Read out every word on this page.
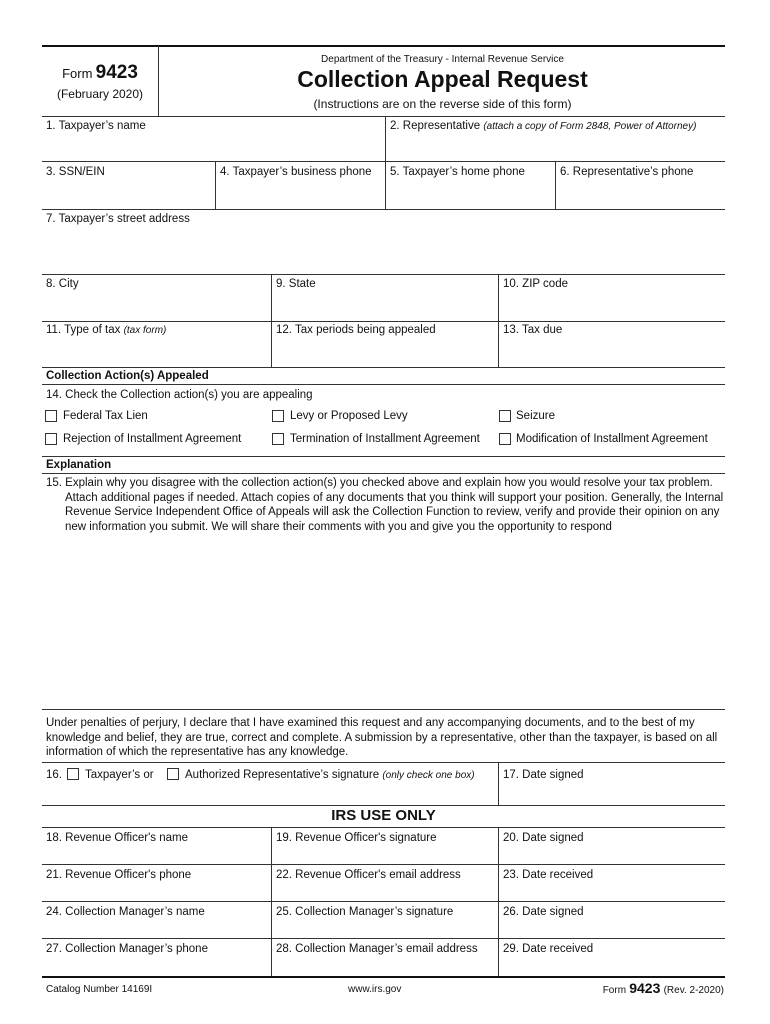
Form 9423
(February 2020)
Department of the Treasury - Internal Revenue Service
Collection Appeal Request
(Instructions are on the reverse side of this form)
1. Taxpayer’s name	2. Representative (attach a copy of Form 2848, Power of Attorney)
3. SSN/EIN	4. Taxpayer’s business phone 5. Taxpayer’s home phone	6. Representative’s phone
7. Taxpayer’s street address
8. City	9. State	10. ZIP code
11. Type of tax (tax form)	12. Tax periods being appealed	13. Tax due
Collection Action(s) Appealed
14. Check the Collection action(s) you are appealing
Federal Tax Lien	Levy or Proposed Levy	Seizure
Rejection of Installment Agreement	Termination of Installment Agreement	Modification of Installment Agreement
Explanation
15. Explain why you disagree with the collection action(s) you checked above and explain how you would resolve your tax problem.
Attach additional pages if needed. Attach copies of any documents that you think will support your position. Generally, the Internal
Revenue Service Independent Office of Appeals will ask the Collection Function to review, verify and provide their opinion on any
new information you submit. We will share their comments with you and give you the opportunity to respond
Under penalties of perjury, I declare that I have examined this request and any accompanying documents, and to the best of my
knowledge and belief, they are true, correct and complete. A submission by a representative, other than the taxpayer, is based on all
information of which the representative has any knowledge.
16. Taxpayer’s or	Authorized Representative’s signature (only check one box) 17. Date signed
IRS USE ONLY
18. Revenue Officer's name	19. Revenue Officer's signature	20. Date signed
21. Revenue Officer's phone	22. Revenue Officer's email address	23. Date received
24. Collection Manager’s name	25. Collection Manager’s signature	26. Date signed
27. Collection Manager’s phone	28. Collection Manager’s email address 29. Date received
Catalog Number 14169I	www.irs.gov	Form 9423 (Rev. 2-2020)
